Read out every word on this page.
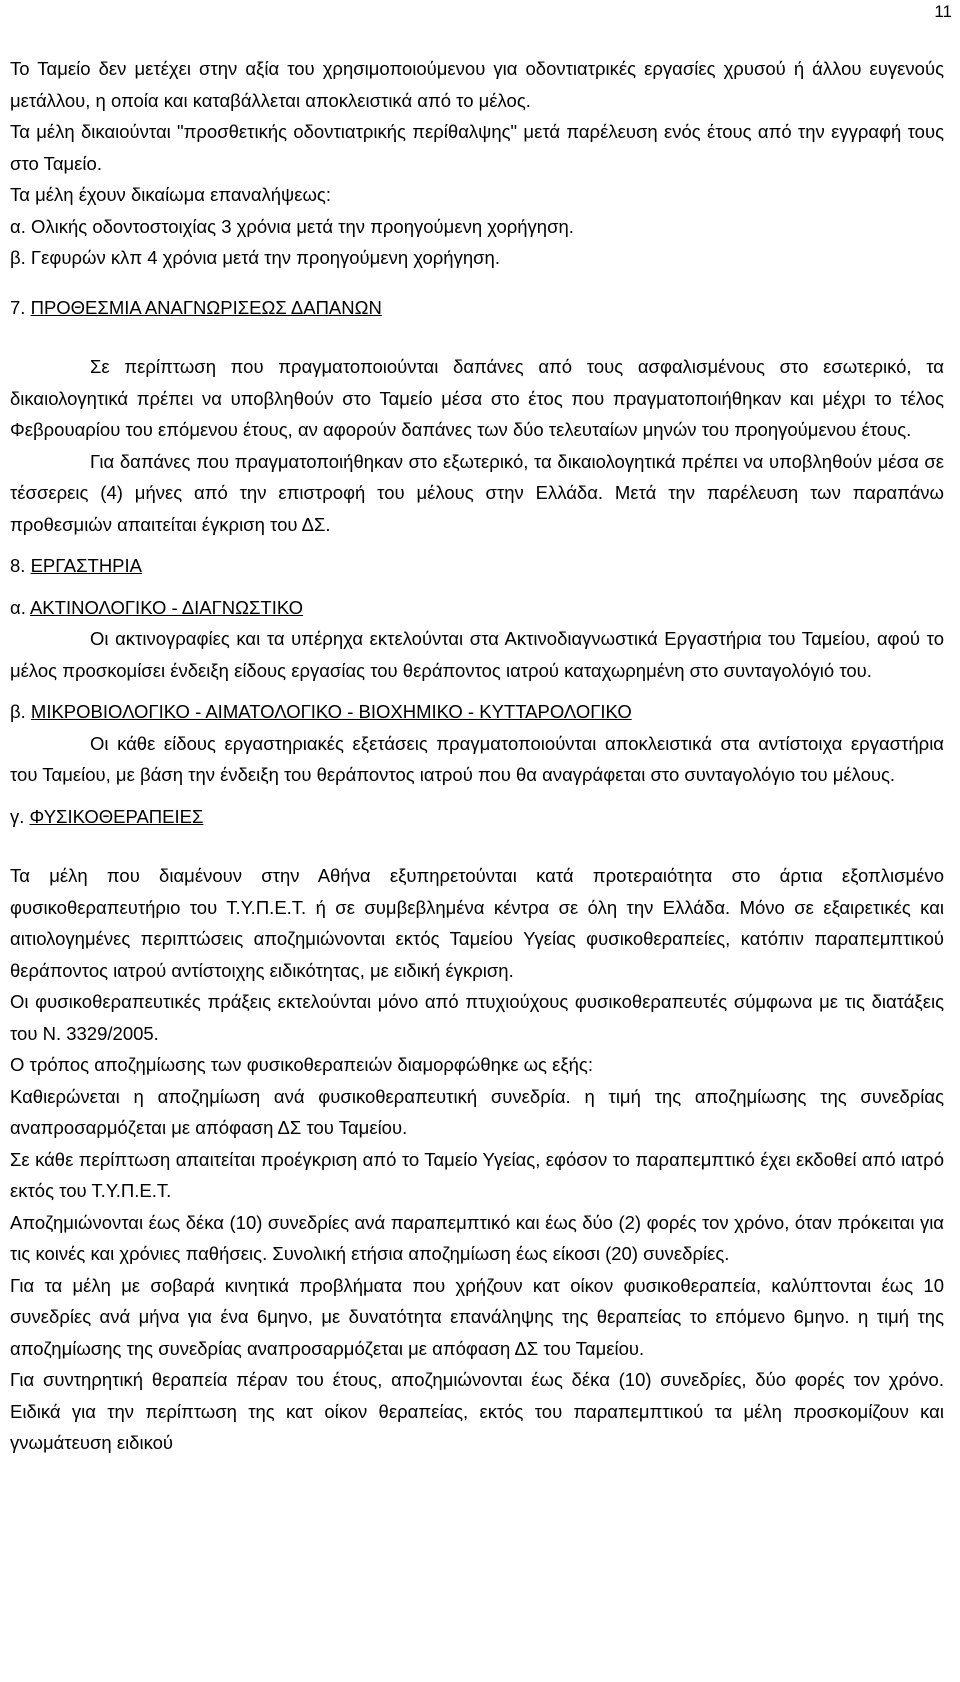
11

Το Ταμείο δεν μετέχει στην αξία του χρησιμοποιούμενου για οδοντιατρικές εργασίες χρυσού ή άλλου ευγενούς μετάλλου, η οποία και καταβάλλεται αποκλειστικά από το μέλος.

Τα μέλη δικαιούνται "προσθετικής οδοντιατρικής περίθαλψης" μετά παρέλευση ενός έτους από την εγγραφή τους στο Ταμείο.

Τα μέλη έχουν δικαίωμα επαναλήψεως:

α. Ολικής οδοντοστοιχίας 3 χρόνια μετά την προηγούμενη χορήγηση.

β. Γεφυρών κλπ 4 χρόνια μετά την προηγούμενη χορήγηση.

7. ΠΡΟΘΕΣΜΙΑ ΑΝΑΓΝΩΡΙΣΕΩΣ ΔΑΠΑΝΩΝ

Σε περίπτωση που πραγματοποιούνται δαπάνες από τους ασφαλισμένους στο εσωτερικό, τα δικαιολογητικά πρέπει να υποβληθούν στο Ταμείο μέσα στο έτος που πραγματοποιήθηκαν και μέχρι το τέλος Φεβρουαρίου του επόμενου έτους, αν αφορούν δαπάνες των δύο τελευταίων μηνών του προηγούμενου έτους.

Για δαπάνες που πραγματοποιήθηκαν στο εξωτερικό, τα δικαιολογητικά πρέπει να υποβληθούν μέσα σε τέσσερεις (4) μήνες από την επιστροφή του μέλους στην Ελλάδα. Μετά την παρέλευση των παραπάνω προθεσμιών απαιτείται έγκριση του ΔΣ.

8. ΕΡΓΑΣΤΗΡΙΑ

α. ΑΚΤΙΝΟΛΟΓΙΚΟ - ΔΙΑΓΝΩΣΤΙΚΟ

Οι ακτινογραφίες και τα υπέρηχα εκτελούνται στα Ακτινοδιαγνωστικά Εργαστήρια του Ταμείου, αφού το μέλος προσκομίσει ένδειξη είδους εργασίας του θεράποντος ιατρού καταχωρημένη στο συνταγολόγιό του.

β. ΜΙΚΡΟΒΙΟΛΟΓΙΚΟ - ΑΙΜΑΤΟΛΟΓΙΚΟ - ΒΙΟΧΗΜΙΚΟ - ΚΥΤΤΑΡΟΛΟΓΙΚΟ

Οι κάθε είδους εργαστηριακές εξετάσεις πραγματοποιούνται αποκλειστικά στα αντίστοιχα εργαστήρια του Ταμείου, με βάση την ένδειξη του θεράποντος ιατρού που θα αναγράφεται στο συνταγολόγιο του μέλους.

γ. ΦΥΣΙΚΟΘΕΡΑΠΕΙΕΣ

Τα μέλη που διαμένουν στην Αθήνα εξυπηρετούνται κατά προτεραιότητα στο άρτια εξοπλισμένο φυσικοθεραπευτήριο του Τ.Υ.Π.Ε.Τ. ή σε συμβεβλημένα κέντρα σε όλη την Ελλάδα. Μόνο σε εξαιρετικές και αιτιολογημένες περιπτώσεις αποζημιώνονται εκτός Ταμείου Υγείας φυσικοθεραπείες, κατόπιν παραπεμπτικού θεράποντος ιατρού αντίστοιχης ειδικότητας, με ειδική έγκριση.

Οι φυσικοθεραπευτικές πράξεις εκτελούνται μόνο από πτυχιούχους φυσικοθεραπευτές σύμφωνα με τις διατάξεις του Ν. 3329/2005.

Ο τρόπος αποζημίωσης των φυσικοθεραπειών διαμορφώθηκε ως εξής:

Καθιερώνεται η αποζημίωση ανά φυσικοθεραπευτική συνεδρία. η τιμή της αποζημίωσης της συνεδρίας αναπροσαρμόζεται με απόφαση ΔΣ του Ταμείου.

Σε κάθε περίπτωση απαιτείται προέγκριση από το Ταμείο Υγείας, εφόσον το παραπεμπτικό έχει εκδοθεί από ιατρό εκτός του Τ.Υ.Π.Ε.Τ.

Αποζημιώνονται έως δέκα (10) συνεδρίες ανά παραπεμπτικό και έως δύο (2) φορές τον χρόνο, όταν πρόκειται για τις κοινές και χρόνιες παθήσεις. Συνολική ετήσια αποζημίωση έως είκοσι (20) συνεδρίες.

Για τα μέλη με σοβαρά κινητικά προβλήματα που χρήζουν κατ οίκον φυσικοθεραπεία, καλύπτονται έως 10 συνεδρίες ανά μήνα για ένα 6μηνο, με δυνατότητα επανάληψης της θεραπείας το επόμενο 6μηνο. η τιμή της αποζημίωσης της συνεδρίας αναπροσαρμόζεται με απόφαση ΔΣ του Ταμείου.

Για συντηρητική θεραπεία πέραν του έτους, αποζημιώνονται έως δέκα (10) συνεδρίες, δύο φορές τον χρόνο. Ειδικά για την περίπτωση της κατ οίκον θεραπείας, εκτός του παραπεμπτικού τα μέλη προσκομίζουν και γνωμάτευση ειδικού
